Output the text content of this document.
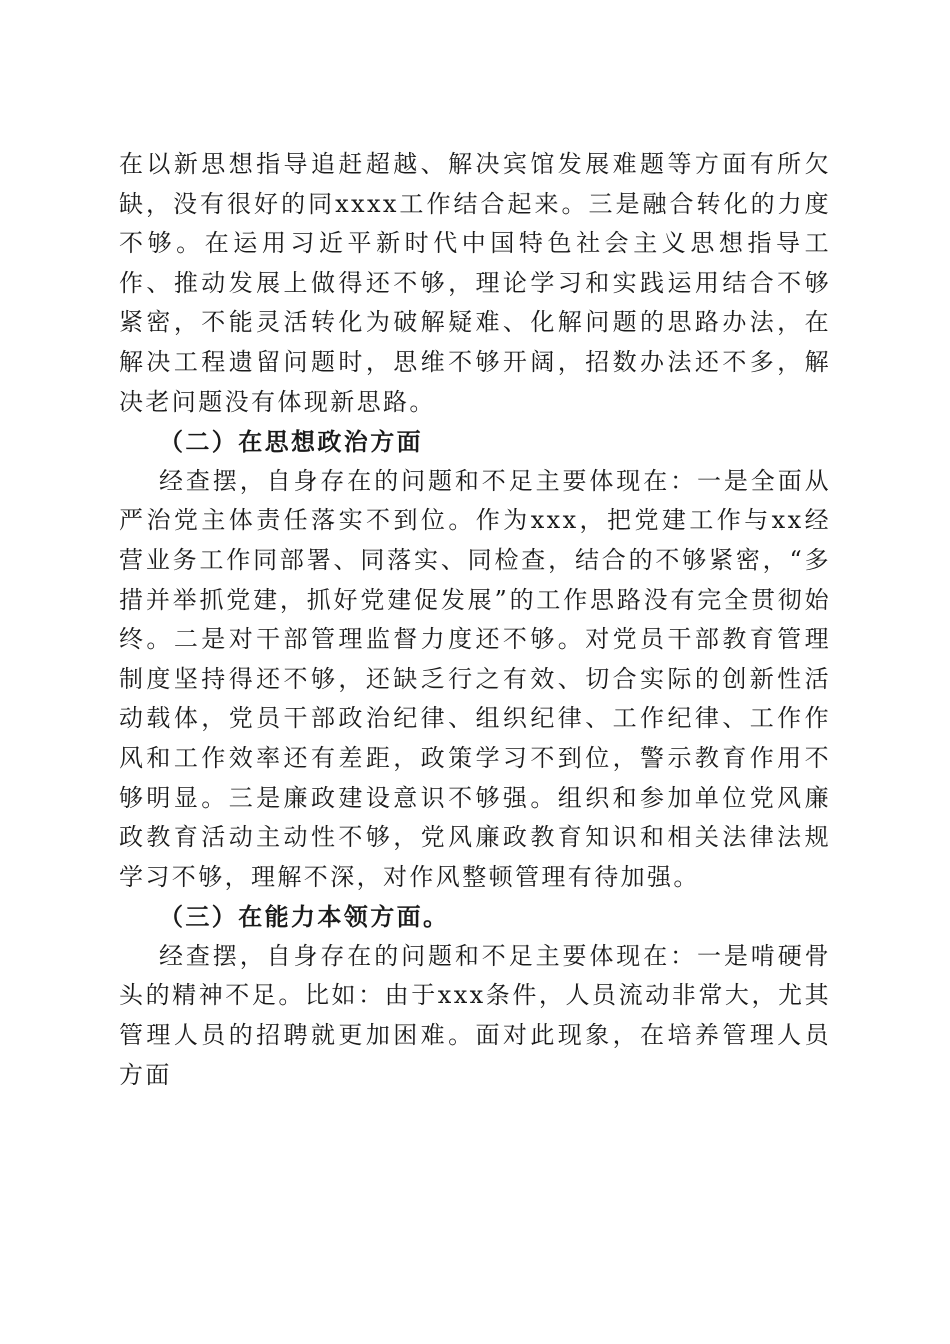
在以新思想指导追赶超越、解决宾馆发展难题等方面有所欠缺，没有很好的同xxxx工作结合起来。三是融合转化的力度不够。在运用习近平新时代中国特色社会主义思想指导工作、推动发展上做得还不够，理论学习和实践运用结合不够紧密，不能灵活转化为破解疑难、化解问题的思路办法，在解决工程遗留问题时，思维不够开阔，招数办法还不多，解决老问题没有体现新思路。

（二）在思想政治方面

经查摆，自身存在的问题和不足主要体现在：一是全面从严治党主体责任落实不到位。作为xxx，把党建工作与xx经营业务工作同部署、同落实、同检查，结合的不够紧密，“多措并举抓党建，抓好党建促发展”的工作思路没有完全贯彻始终。二是对干部管理监督力度还不够。对党员干部教育管理制度坚持得还不够，还缺乏行之有效、切合实际的创新性活动载体，党员干部政治纪律、组织纪律、工作纪律、工作作风和工作效率还有差距，政策学习不到位，警示教育作用不够明显。三是廉政建设意识不够强。组织和参加单位党风廉政教育活动主动性不够，党风廉政教育知识和相关法律法规学习不够，理解不深，对作风整顿管理有待加强。

（三）在能力本领方面。

经查摆，自身存在的问题和不足主要体现在：一是啃硬骨头的精神不足。比如：由于xxx条件，人员流动非常大，尤其管理人员的招聘就更加困难。面对此现象，在培养管理人员方面
